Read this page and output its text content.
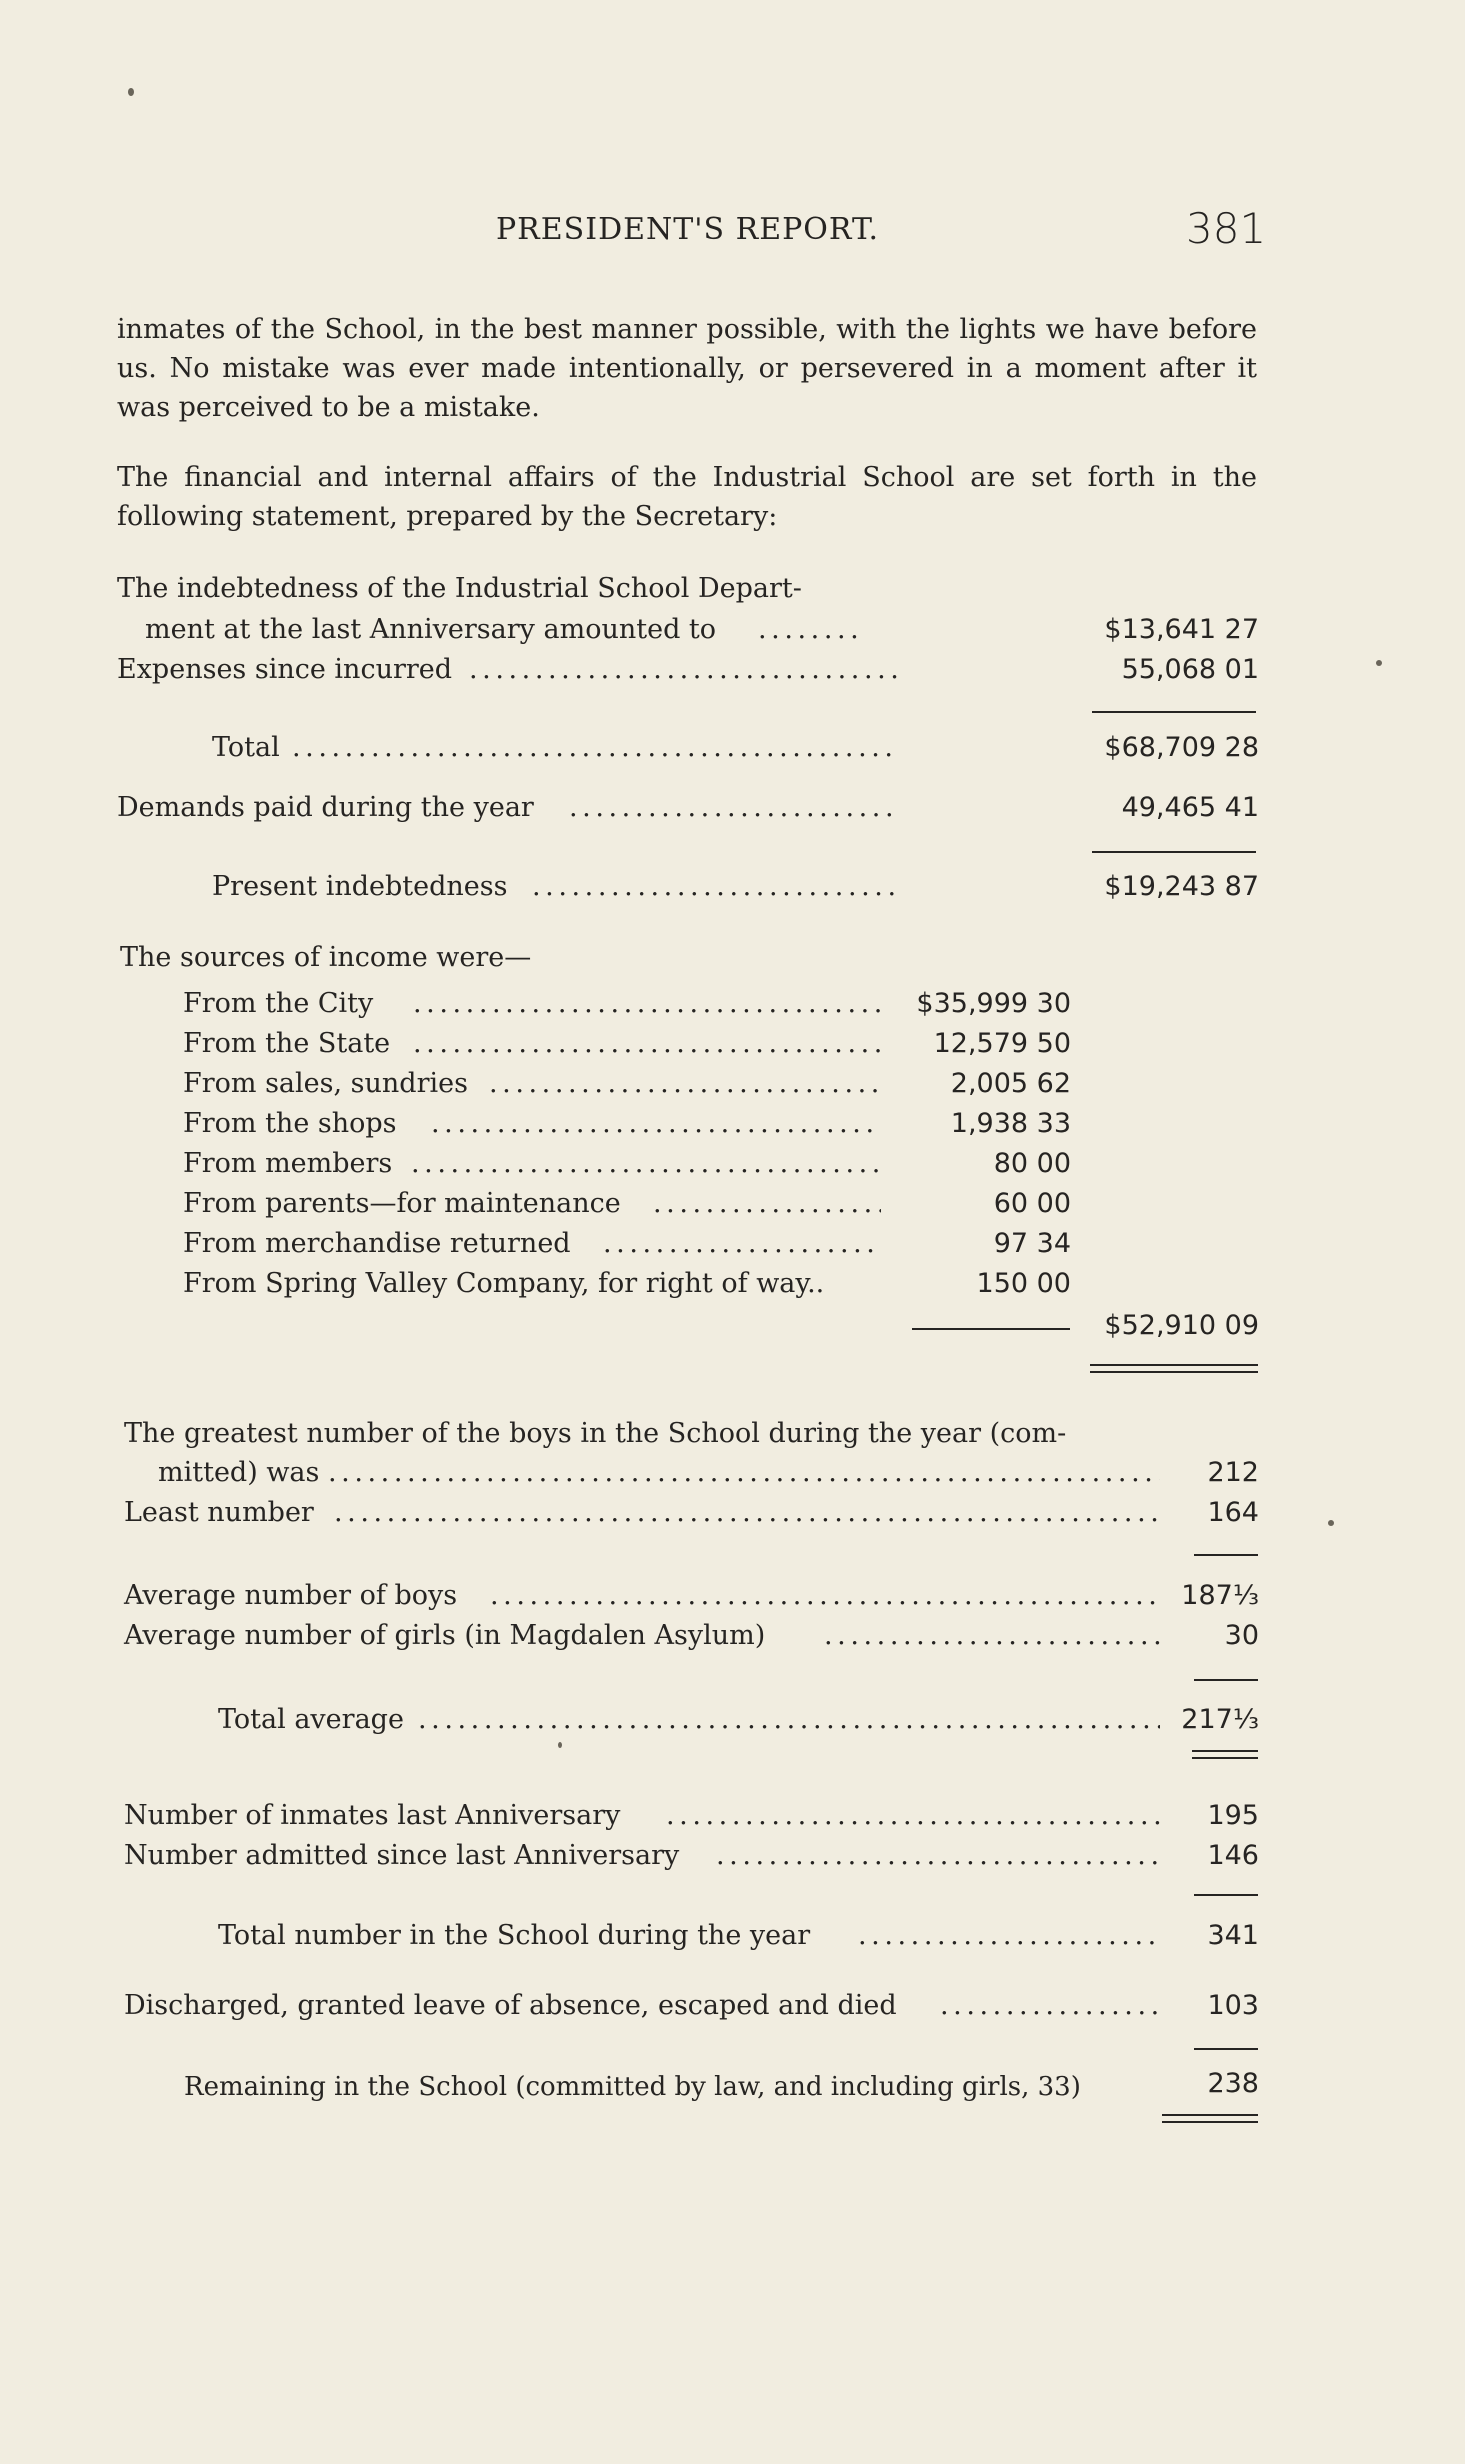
PRESIDENT'S REPORT.	381
inmates of the School, in the best manner possible, with the lights we have before us. No mistake was ever made intentionally, or persevered in a moment after it was perceived to be a mistake.
The financial and internal affairs of the Industrial School are set forth in the following statement, prepared by the Secretary:
The indebtedness of the Industrial School Depart-
ment at the last Anniversary amounted to . . .	$13,641 27
Expenses since incurred . . .	55,068 01
Total . . .	$68,709 28
Demands paid during the year . . .	49,465 41
Present indebtedness . . .	$19,243 87
The sources of income were—
From the City . . .	$35,999 30
From the State . . .	12,579 50
From sales, sundries . . .	2,005 62
From the shops . . .	1,938 33
From members . . .	80 00
From parents—for maintenance . . .	60 00
From merchandise returned . . .	97 34
From Spring Valley Company, for right of way..	150 00
$52,910 09
The greatest number of the boys in the School during the year (com-
mitted) was . . .	212
Least number . . .	164
Average number of boys . . .	187⅓
Average number of girls (in Magdalen Asylum) . . .	30
Total average . . .	217⅓
Number of inmates last Anniversary . . .	195
Number admitted since last Anniversary . . .	146
Total number in the School during the year . . .	341
Discharged, granted leave of absence, escaped and died . . .	103
Remaining in the School (committed by law, and including girls, 33)	238
